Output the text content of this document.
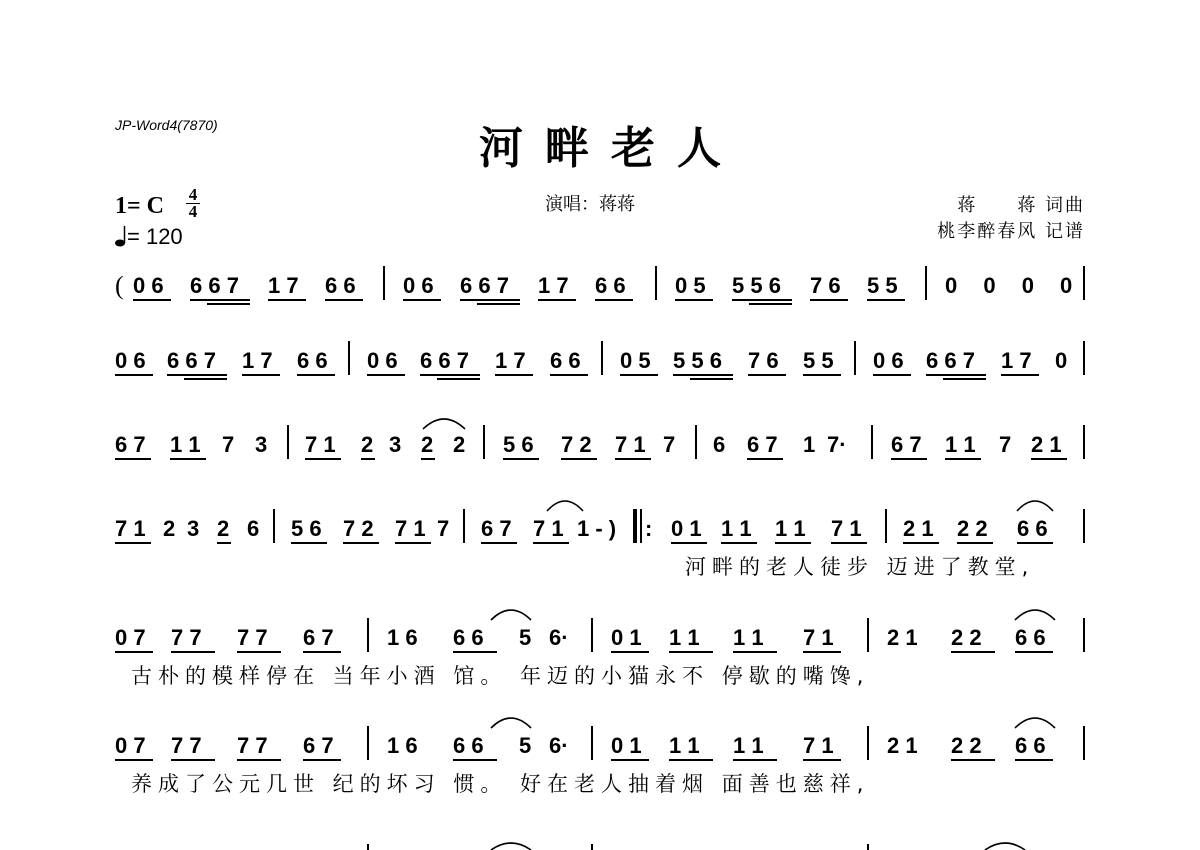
JP-Word4(7870)	河畔老人
1= C 4
4
= 120
演唱：蒋蒋	蒋　　蒋 词曲
桃李醉春风 记谱
( 0 6 6 6 7 1 7 6 6 0 6 6 6 7 1 7 6 6 0 5 5 5 6 7 6 5 5 0 0 0 0
0 6 6 6 7 1 7 6 6 0 6 6 6 7 1 7 6 6 0 5 5 5 6 7 6 5 5 0 6 6 6 7 1 7 0
6 7 1 1 7 3 7 1 2 3 2 2 5 6 7 2 7 1 7 6 6 7 1 7· 6 7 1 1 7 2 1
7 1 2 3 2 6 5 6 7 2 7 1 7 6 7 7 1 1 - ) : 0 1 1 1 1 1 7 1 2 1 2 2 6 6
河畔的老人徒步 迈进了教堂,
0 7 7 7 7 7 6 7 1 6 6 6 5 6· 0 1 1 1 1 1 7 1 2 1 2 2 6 6
古朴的模样停在 当年小酒 馆。 年迈的小猫永不 停歇的嘴馋,
0 7 7 7 7 7 6 7 1 6 6 6 5 6· 0 1 1 1 1 1 7 1 2 1 2 2 6 6
养成了公元几世 纪的坏习 惯。 好在老人抽着烟 面善也慈祥,
